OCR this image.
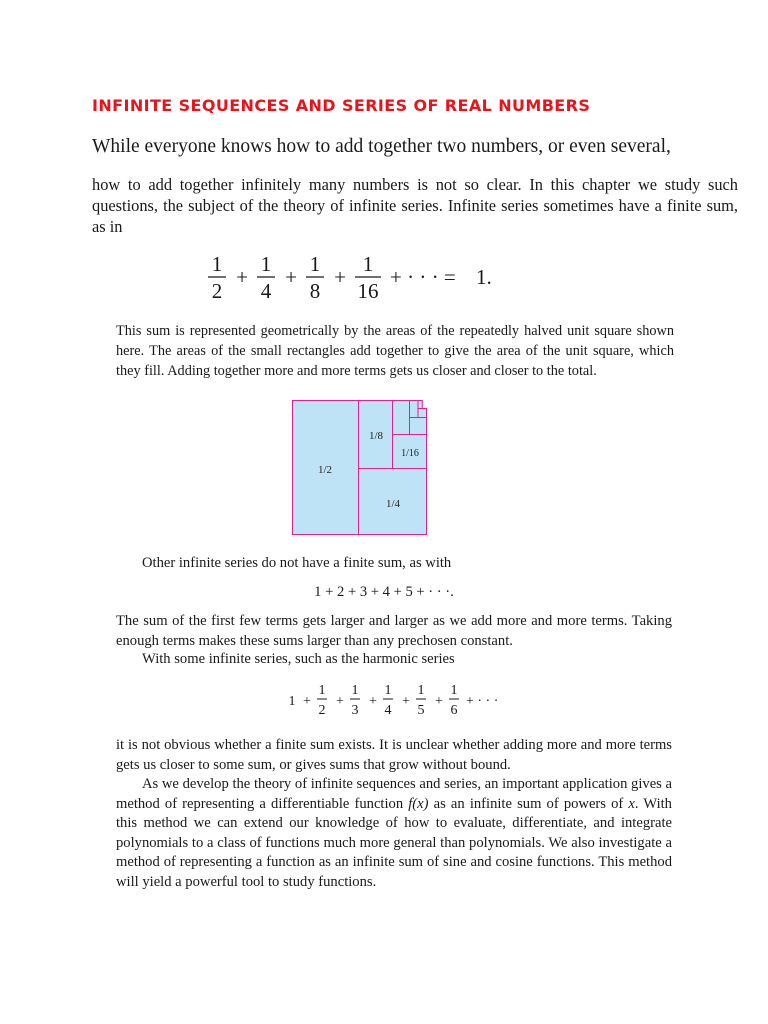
INFINITE SEQUENCES AND SERIES OF REAL NUMBERS

While everyone knows how to add together two numbers, or even several,

how to add together infinitely many numbers is not so clear. In this chapter we study such questions, the subject of the theory of infinite series. Infinite series sometimes have a finite sum, as in

1
2
+
1
4
+
1
8
+
1
16
+ · · · = 1.

This sum is represented geometrically by the areas of the repeatedly halved unit square shown here. The areas of the small rectangles add together to give the area of the unit square, which they fill. Adding together more and more terms gets us closer and closer to the total.

1/2
1/4
1/8
1/16

Other infinite series do not have a finite sum, as with

1 + 2 + 3 + 4 + 5 + · · ·.

The sum of the first few terms gets larger and larger as we add more and more terms. Taking enough terms makes these sums larger than any prechosen constant.

With some infinite series, such as the harmonic series

1 +
1
2
+
1
3
+
1
4
+
1
5
+
1
6
+ · · ·
it is not obvious whether a finite sum exists. It is unclear whether adding more and more terms gets us closer to some sum, or gives sums that grow without bound.
As we develop the theory of infinite sequences and series, an important application gives a method of representing a differentiable function f(x) as an infinite sum of powers of x. With this method we can extend our knowledge of how to evaluate, differentiate, and integrate polynomials to a class of functions much more general than polynomials. We also investigate a method of representing a function as an infinite sum of sine and cosine functions. This method will yield a powerful tool to study functions.
